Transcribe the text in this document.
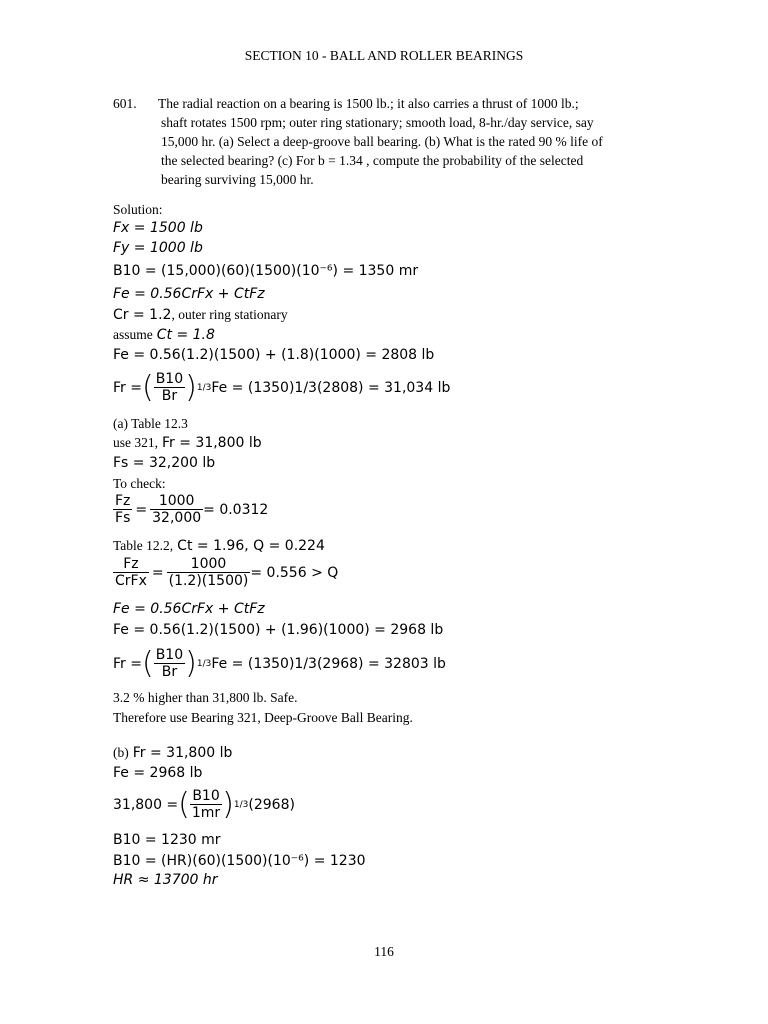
SECTION 10 - BALL AND ROLLER BEARINGS
601. The radial reaction on a bearing is 1500 lb.; it also carries a thrust of 1000 lb.;
shaft rotates 1500 rpm; outer ring stationary; smooth load, 8-hr./day service, say
15,000 hr. (a) Select a deep-groove ball bearing. (b) What is the rated 90 % life of
the selected bearing? (c) For b = 1.34 , compute the probability of the selected
bearing surviving 15,000 hr.
Solution:
Fx = 1500 lb
Fy = 1000 lb
B10 = (15,000)(60)(1500)(10⁻⁶) = 1350 mr
Fe = 0.56CrFx + CtFz
Cr = 1.2, outer ring stationary
assume Ct = 1.8
Fe = 0.56(1.2)(1500) + (1.8)(1000) = 2808 lb
Fr = ( $\frac{B10}{Br}$ ) 1/3 Fe = (1350)1/3(2808) = 31,034 lb
(a) Table 12.3
use 321, Fr = 31,800 lb
Fs = 32,200 lb
To check:
$\frac{Fz}{Fs} = \frac{1000}{32,000} = 0.0312$
Table 12.2, Ct = 1.96, Q = 0.224
$\frac{Fz}{\text{CrFx}} = \frac{1000}{(1.2)(1500)} = 0.556 > Q$
Fe = 0.56CrFx + CtFz
Fe = 0.56(1.2)(1500) + (1.96)(1000) = 2968 lb
Fr = ( $\frac{B10}{Br}$ ) 1/3 Fe = (1350)1/3(2968) = 32803 lb
3.2 % higher than 31,800 lb. Safe.
Therefore use Bearing 321, Deep-Groove Ball Bearing.
(b) Fr = 31,800 lb
Fe = 2968 lb
31,800 = ( $\frac{B10}{1mr}$ ) 1/3 (2968)
B10 = 1230 mr
B10 = (HR)(60)(1500)(10⁻⁶) = 1230
HR ≈ 13700 hr
116
